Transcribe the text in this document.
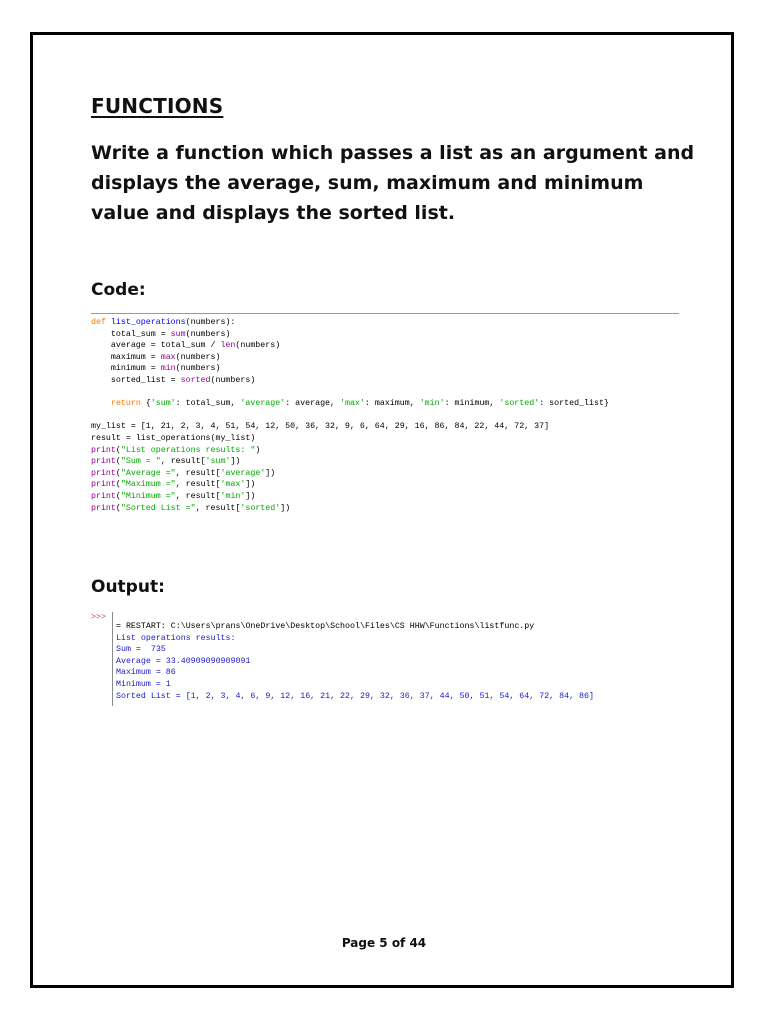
FUNCTIONS
Write a function which passes a list as an argument and displays the average, sum, maximum and minimum value and displays the sorted list.
Code:
def list_operations(numbers):
total_sum = sum(numbers)
average = total_sum / len(numbers)
maximum = max(numbers)
minimum = min(numbers)
sorted_list = sorted(numbers)
return {'sum': total_sum, 'average': average, 'max': maximum, 'min': minimum, 'sorted': sorted_list}
my_list = [1, 21, 2, 3, 4, 51, 54, 12, 50, 36, 32, 9, 6, 64, 29, 16, 86, 84, 22, 44, 72, 37]
result = list_operations(my_list)
print("List operations results: ")
print("Sum = ", result['sum'])
print("Average =", result['average'])
print("Maximum =", result['max'])
print("Minimum =", result['min'])
print("Sorted List =", result['sorted'])
Output:

>>>

= RESTART: C:\Users\prans\OneDrive\Desktop\School\Files\CS HHW\Functions\listfunc.py
List operations results:
Sum =  735
Average = 33.40909090909091
Maximum = 86
Minimum = 1
Sorted List = [1, 2, 3, 4, 6, 9, 12, 16, 21, 22, 29, 32, 36, 37, 44, 50, 51, 54, 64, 72, 84, 86]

Page 5 of 44
